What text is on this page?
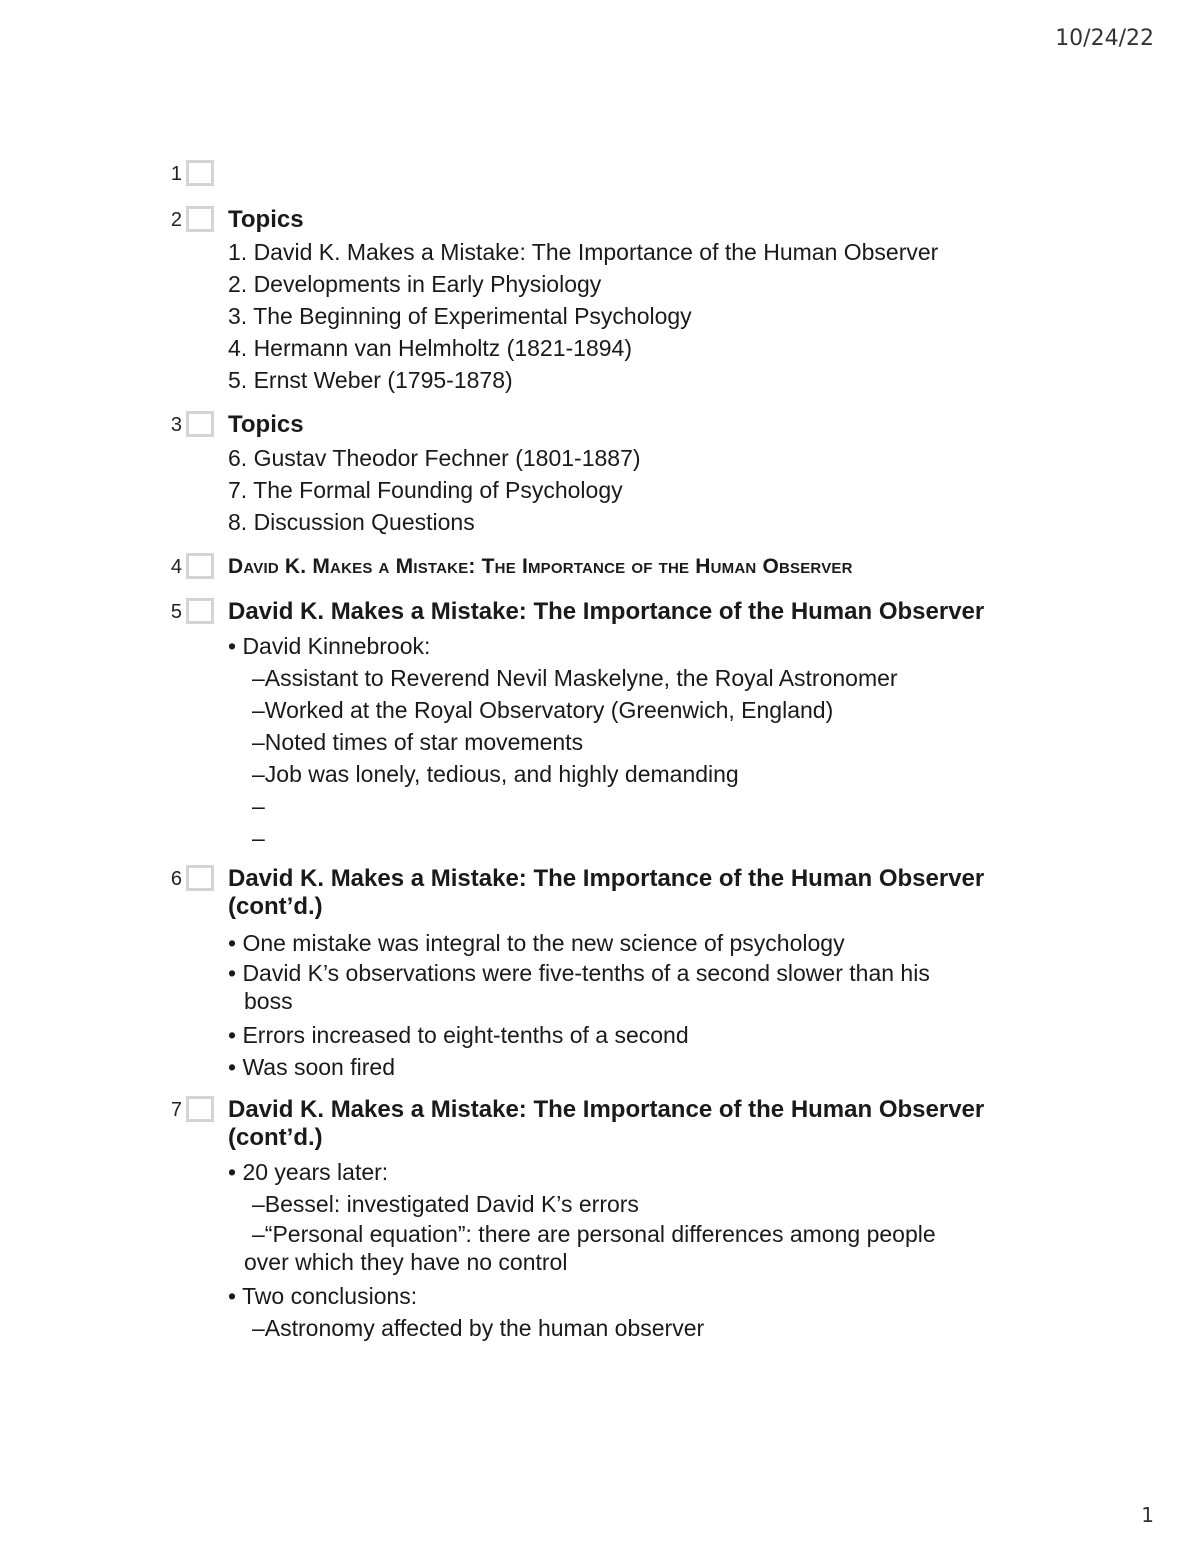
10/24/22
1
2 Topics
1. David K. Makes a Mistake: The Importance of the Human Observer
2. Developments in Early Physiology
3. The Beginning of Experimental Psychology
4. Hermann van Helmholtz (1821-1894)
5. Ernst Weber (1795-1878)
3 Topics
6. Gustav Theodor Fechner (1801-1887)
7. The Formal Founding of Psychology
8. Discussion Questions
4 David K. Makes a Mistake: The Importance of the Human Observer
5 David K. Makes a Mistake: The Importance of the Human Observer
• David Kinnebrook:
–Assistant to Reverend Nevil Maskelyne, the Royal Astronomer
–Worked at the Royal Observatory (Greenwich, England)
–Noted times of star movements
–Job was lonely, tedious, and highly demanding
–
–
6 David K. Makes a Mistake: The Importance of the Human Observer
(cont’d.)
• One mistake was integral to the new science of psychology
• David K’s observations were five-tenths of a second slower than his
boss
• Errors increased to eight-tenths of a second
• Was soon fired
7 David K. Makes a Mistake: The Importance of the Human Observer
(cont’d.)
• 20 years later:
–Bessel: investigated David K’s errors
–“Personal equation”: there are personal differences among people
over which they have no control
• Two conclusions:
–Astronomy affected by the human observer
1
